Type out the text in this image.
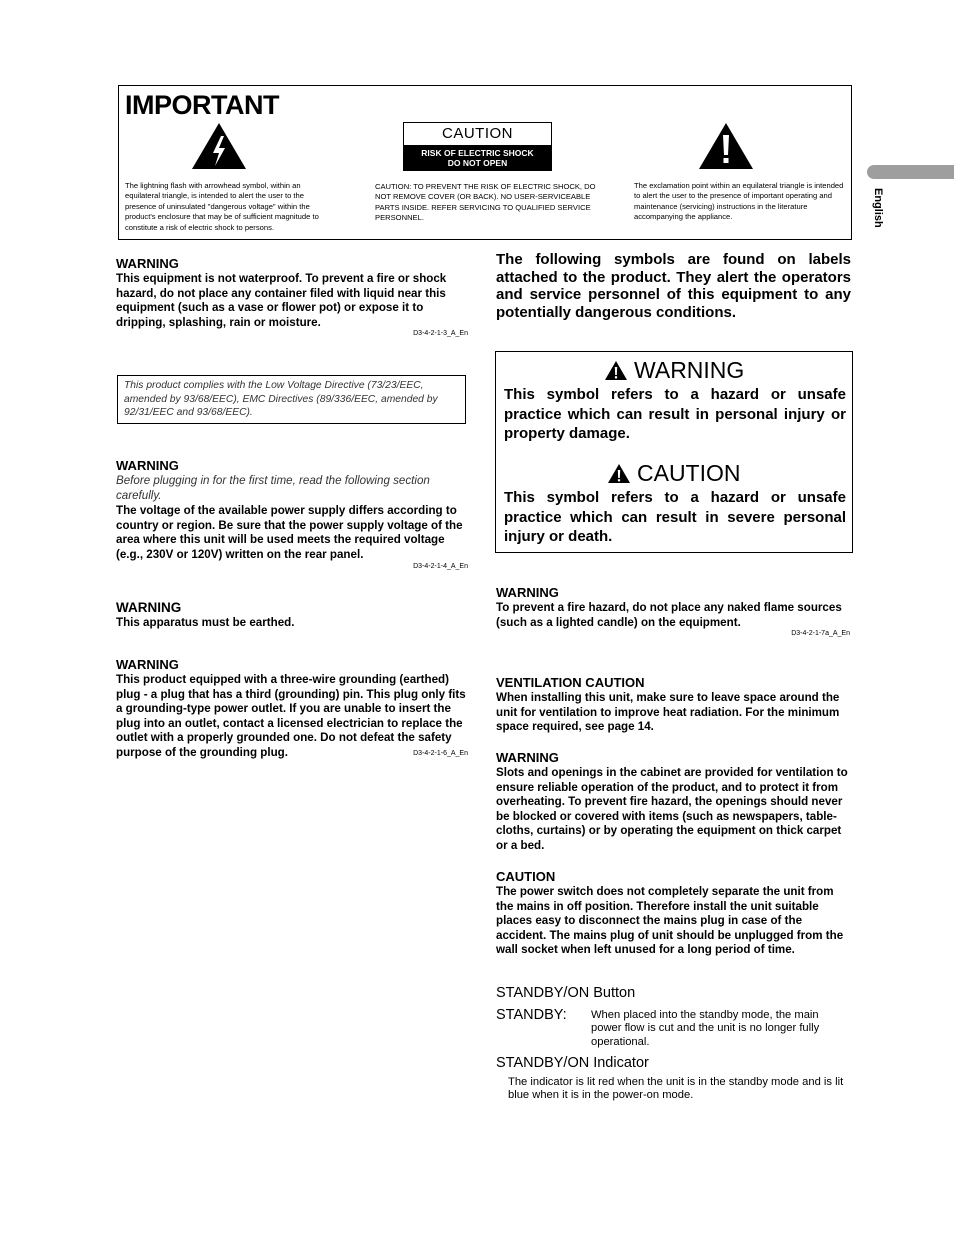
IMPORTANT
CAUTION
RISK OF ELECTRIC SHOCK
DO NOT OPEN
The lightning flash with arrowhead symbol, within an equilateral triangle, is intended to alert the user to the presence of uninsulated "dangerous voltage" within the product's enclosure that may be of sufficient magnitude to constitute a risk of electric shock to persons.
CAUTION: TO PREVENT THE RISK OF ELECTRIC SHOCK, DO NOT REMOVE COVER (OR BACK). NO USER-SERVICEABLE PARTS INSIDE. REFER SERVICING TO QUALIFIED SERVICE PERSONNEL.
The exclamation point within an equilateral triangle is intended to alert the user to the presence of important operating and maintenance (servicing) instructions in the literature accompanying the appliance.	English
WARNING
This equipment is not waterproof. To prevent a fire or shock hazard, do not place any container filed with liquid near this equipment (such as a vase or flower pot) or expose it to dripping, splashing, rain or moisture.
D3-4-2-1-3_A_En
This product complies with the Low Voltage Directive (73/23/EEC, amended by 93/68/EEC), EMC Directives (89/336/EEC, amended by 92/31/EEC and 93/68/EEC).
WARNING
Before plugging in for the first time, read the following section carefully.
The voltage of the available power supply differs according to country or region. Be sure that the power supply voltage of the area where this unit will be used meets the required voltage (e.g., 230V or 120V) written on the rear panel.
D3-4-2-1-4_A_En
WARNING
This apparatus must be earthed.
WARNING
This product equipped with a three-wire grounding (earthed) plug - a plug that has a third (grounding) pin. This plug only fits a grounding-type power outlet. If you are unable to insert the plug into an outlet, contact a licensed electrician to replace the outlet with a properly grounded one. Do not defeat the safety purpose of the grounding plug.	D3-4-2-1-6_A_En
The following symbols are found on labels attached to the product. They alert the operators and service personnel of this equipment to any potentially dangerous conditions.
WARNING
This symbol refers to a hazard or unsafe practice which can result in personal injury or property damage.
CAUTION
This symbol refers to a hazard or unsafe practice which can result in severe personal injury or death.
WARNING
To prevent a fire hazard, do not place any naked flame sources (such as a lighted candle) on the equipment.
D3-4-2-1-7a_A_En
VENTILATION CAUTION
When installing this unit, make sure to leave space around the unit for ventilation to improve heat radiation. For the minimum space required, see page 14.
WARNING
Slots and openings in the cabinet are provided for ventilation to ensure reliable operation of the product, and to protect it from overheating. To prevent fire hazard, the openings should never be blocked or covered with items (such as newspapers, table-cloths, curtains) or by operating the equipment on thick carpet or a bed.
CAUTION
The power switch does not completely separate the unit from the mains in off position. Therefore install the unit suitable places easy to disconnect the mains plug in case of the accident. The mains plug of unit should be unplugged from the wall socket when left unused for a long period of time.
STANDBY/ON Button
STANDBY: When placed into the standby mode, the main power flow is cut and the unit is no longer fully operational.
STANDBY/ON Indicator
The indicator is lit red when the unit is in the standby mode and is lit blue when it is in the power-on mode.
